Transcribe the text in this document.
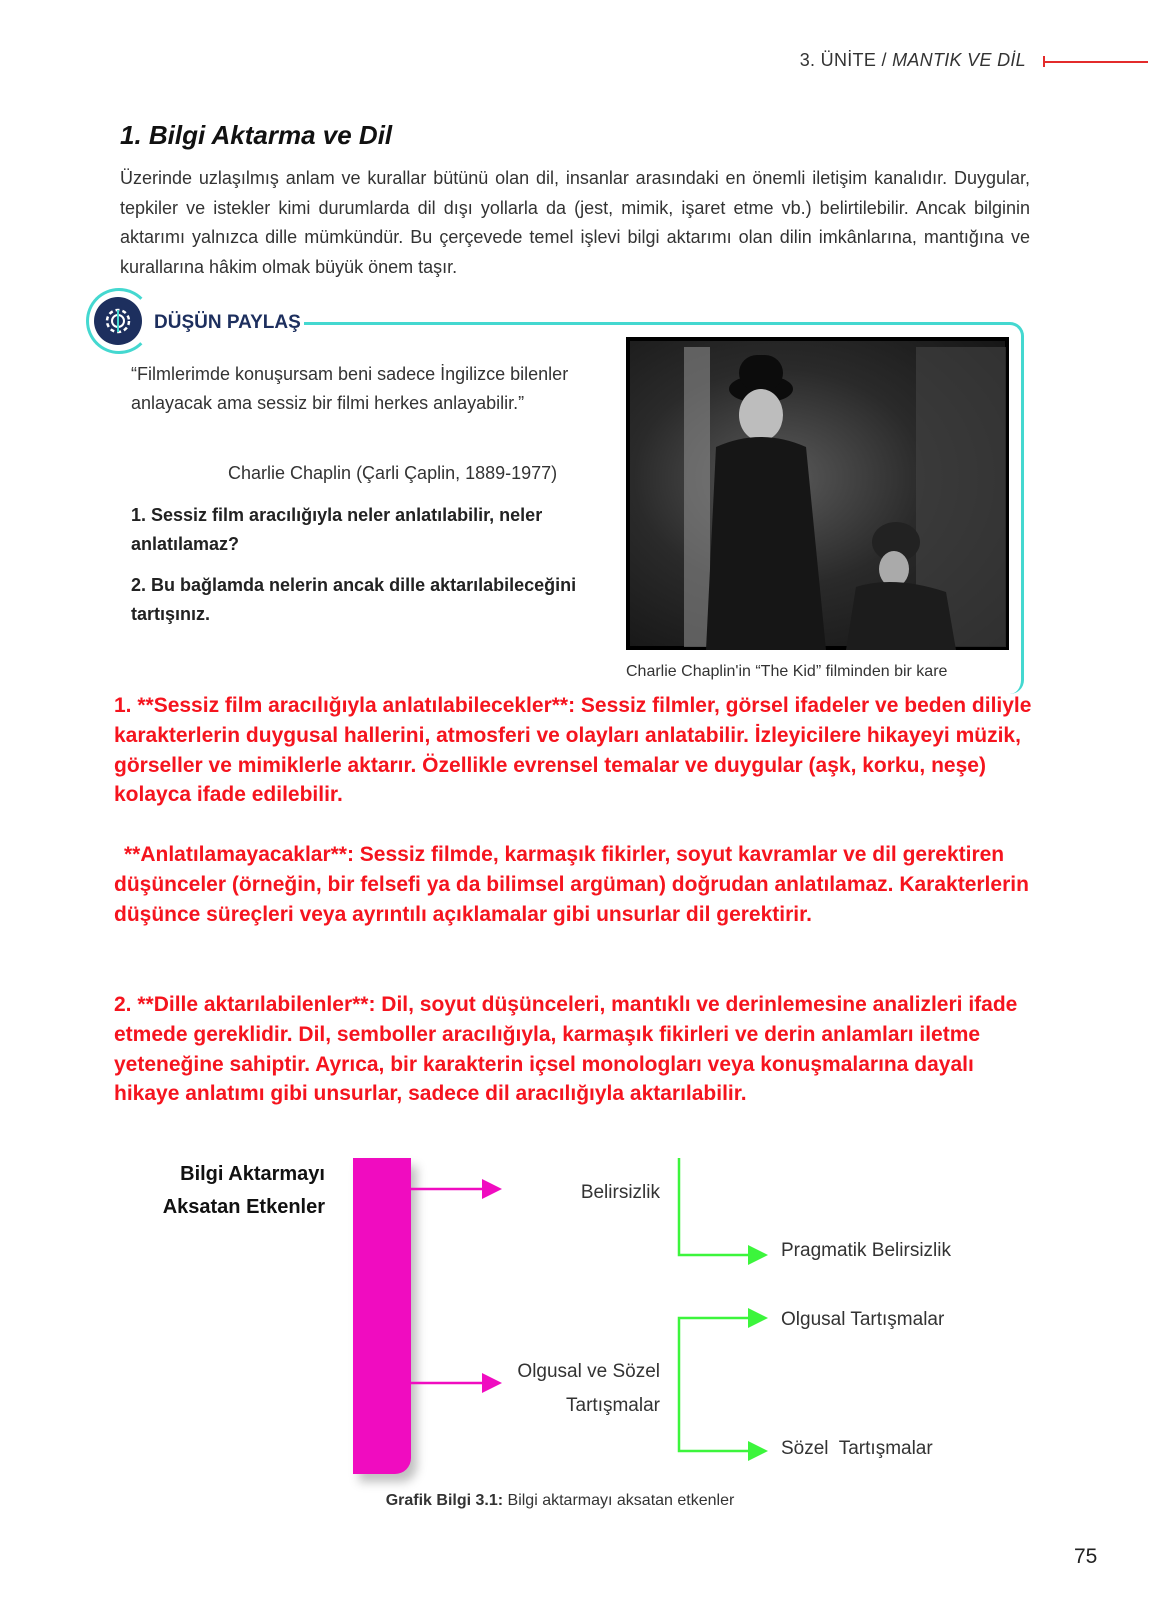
3. ÜNİTE / MANTIK VE DİL
1. Bilgi Aktarma ve Dil
Üzerinde uzlaşılmış anlam ve kurallar bütünü olan dil, insanlar arasındaki en önemli iletişim kanalıdır. Duygular, tepkiler ve istekler kimi durumlarda dil dışı yollarla da (jest, mimik, işaret etme vb.) belirtilebilir. Ancak bilginin aktarımı yalnızca dille mümkündür. Bu çerçevede temel işlevi bilgi aktarımı olan dilin imkânlarına, mantığına ve kurallarına hâkim olmak büyük önem taşır.
DÜŞÜN PAYLAŞ
“Filmlerimde konuşursam beni sadece İngilizce bilenler anlayacak ama sessiz bir filmi herkes anlayabilir.”
Charlie Chaplin (Çarli Çaplin, 1889-1977)
1. Sessiz film aracılığıyla neler anlatılabilir, neler anlatılamaz?
2. Bu bağlamda nelerin ancak dille aktarılabileceğini tartışınız.
Charlie Chaplin'in “The Kid” filminden bir kare
1. **Sessiz film aracılığıyla anlatılabilecekler**: Sessiz filmler, görsel ifadeler ve beden diliyle karakterlerin duygusal hallerini, atmosferi ve olayları anlatabilir. İzleyicilere hikayeyi müzik, görseller ve mimiklerle aktarır. Özellikle evrensel temalar ve duygular (aşk, korku, neşe) kolayca ifade edilebilir.
**Anlatılamayacaklar**: Sessiz filmde, karmaşık fikirler, soyut kavramlar ve dil gerektiren düşünceler (örneğin, bir felsefi ya da bilimsel argüman) doğrudan anlatılamaz. Karakterlerin düşünce süreçleri veya ayrıntılı açıklamalar gibi unsurlar dil gerektirir.
2. **Dille aktarılabilenler**: Dil, soyut düşünceleri, mantıklı ve derinlemesine analizleri ifade etmede gereklidir. Dil, semboller aracılığıyla, karmaşık fikirleri ve derin anlamları iletme yeteneğine sahiptir. Ayrıca, bir karakterin içsel monologları veya konuşmalarına dayalı hikaye anlatımı gibi unsurlar, sadece dil aracılığıyla aktarılabilir.
Bilgi Aktarmayı
Aksatan Etkenler
Belirsizlik
Pragmatik Belirsizlik
Olgusal Tartışmalar
Olgusal ve Sözel
Tartışmalar
Sözel  Tartışmalar
Grafik Bilgi 3.1: Bilgi aktarmayı aksatan etkenler
75
